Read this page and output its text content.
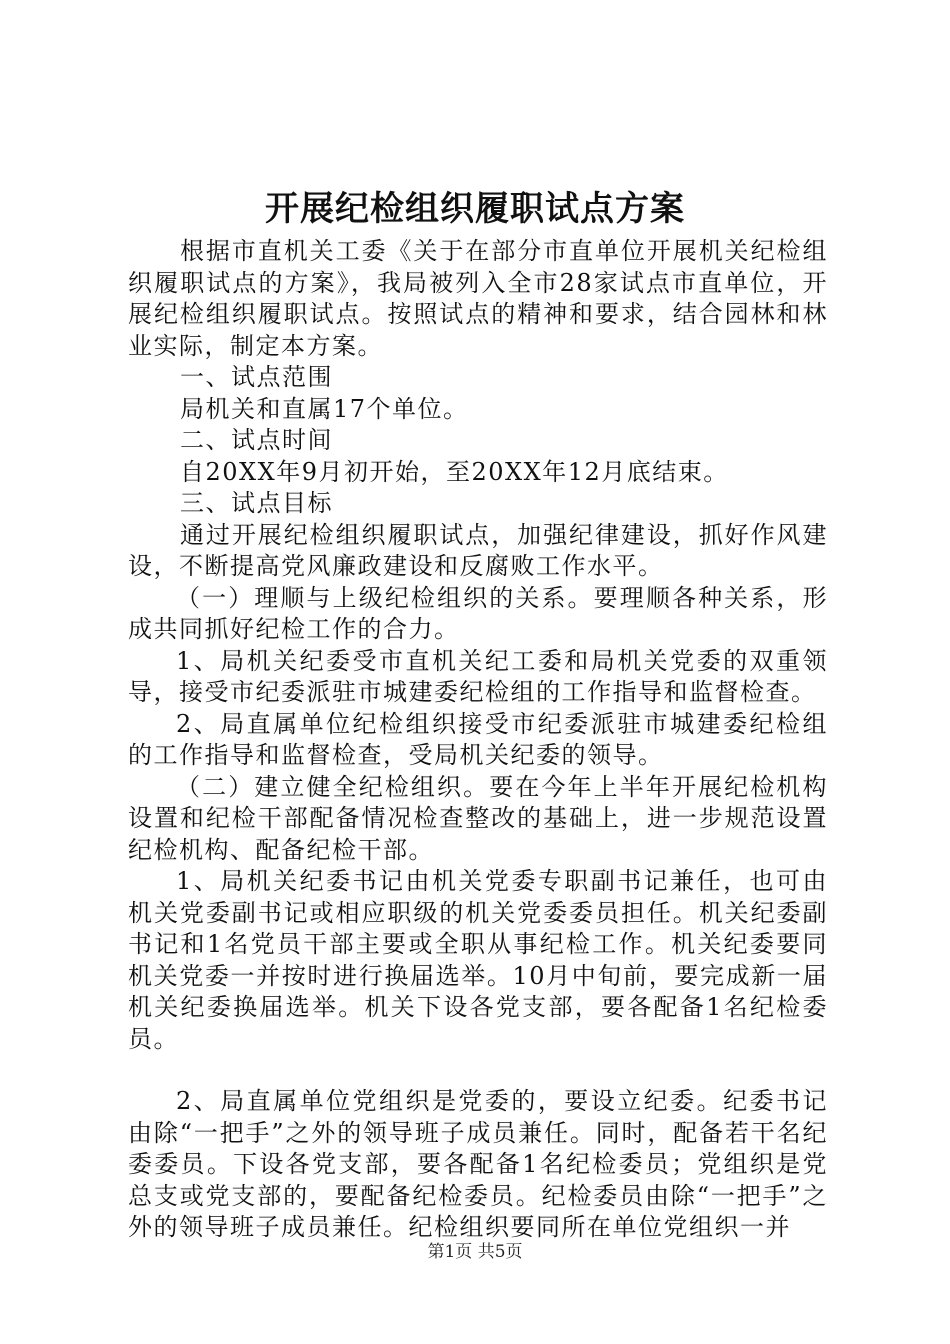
开展纪检组织履职试点方案

根据市直机关工委《关于在部分市直单位开展机关纪检组织履职试点的方案》，我局被列入全市28家试点市直单位，开展纪检组织履职试点。按照试点的精神和要求，结合园林和林业实际，制定本方案。

一、试点范围

局机关和直属17个单位。

二、试点时间

自20XX年9月初开始，至20XX年12月底结束。

三、试点目标

通过开展纪检组织履职试点，加强纪律建设，抓好作风建设，不断提高党风廉政建设和反腐败工作水平。

（一）理顺与上级纪检组织的关系。要理顺各种关系，形成共同抓好纪检工作的合力。

1、局机关纪委受市直机关纪工委和局机关党委的双重领导，接受市纪委派驻市城建委纪检组的工作指导和监督检查。

2、局直属单位纪检组织接受市纪委派驻市城建委纪检组的工作指导和监督检查，受局机关纪委的领导。

（二）建立健全纪检组织。要在今年上半年开展纪检机构设置和纪检干部配备情况检查整改的基础上，进一步规范设置纪检机构、配备纪检干部。

1、局机关纪委书记由机关党委专职副书记兼任，也可由机关党委副书记或相应职级的机关党委委员担任。机关纪委副书记和1名党员干部主要或全职从事纪检工作。机关纪委要同机关党委一并按时进行换届选举。10月中旬前，要完成新一届机关纪委换届选举。机关下设各党支部，要各配备1名纪检委员。

2、局直属单位党组织是党委的，要设立纪委。纪委书记由除“一把手”之外的领导班子成员兼任。同时，配备若干名纪委委员。下设各党支部，要各配备1名纪检委员；党组织是党总支或党支部的，要配备纪检委员。纪检委员由除“一把手”之外的领导班子成员兼任。纪检组织要同所在单位党组织一并

第1页 共5页
